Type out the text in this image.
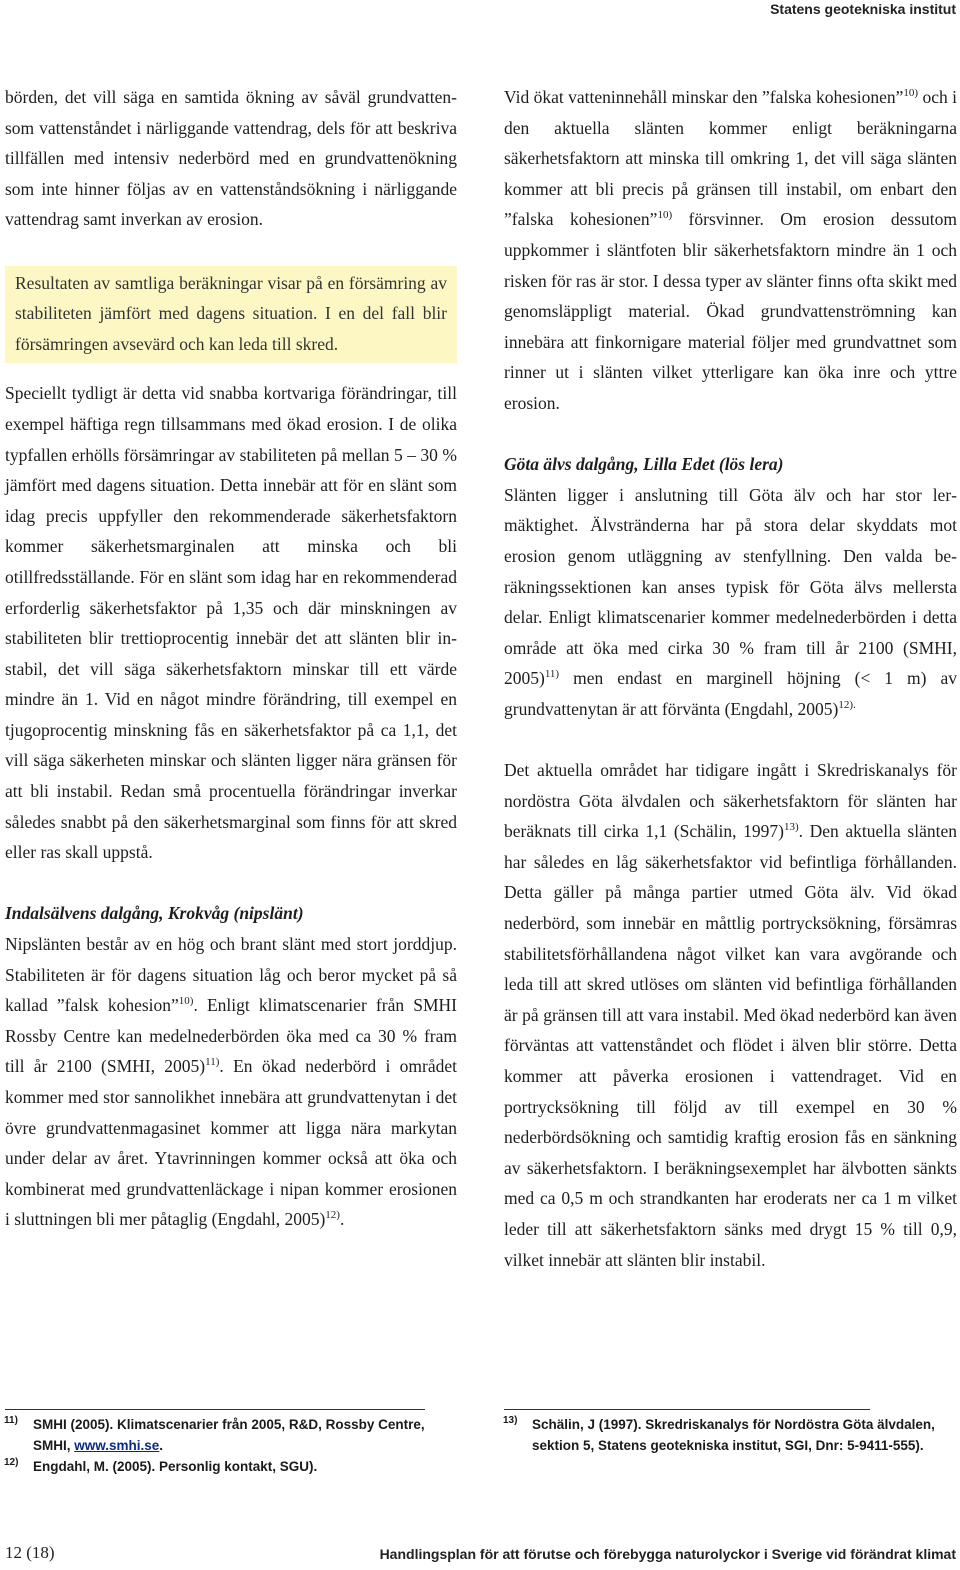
Statens geotekniska institut

börden, det vill säga en samtida ökning av såväl grundvatten- som vattenståndet i närliggande vattendrag, dels för att beskriva tillfällen med intensiv nederbörd med en grundvattenökning som inte hinner följas av en vattenståndsökning i närliggande vattendrag samt inverkan av erosion.

Resultaten av samtliga beräkningar visar på en försämring av stabiliteten jämfört med dagens situation. I en del fall blir försämringen avsevärd och kan leda till skred.

Speciellt tydligt är detta vid snabba kortvariga förändringar, till exempel häftiga regn tillsammans med ökad erosion. I de olika typfallen erhölls försämringar av stabiliteten på mellan 5 – 30 % jämfört med dagens situation. Detta innebär att för en slänt som idag precis uppfyller den rekommenderade säkerhetsfaktorn kommer säkerhetsmarginalen att minska och bli otillfredsställande. För en slänt som idag har en rekommenderad erforderlig säkerhetsfaktor på 1,35 och där minskningen av stabiliteten blir trettioprocentig innebär det att slänten blir instabil, det vill säga säkerhetsfaktorn minskar till ett värde mindre än 1. Vid en något mindre förändring, till exempel en tjugoprocentig minskning fås en säkerhetsfaktor på ca 1,1, det vill säga säkerheten minskar och slänten ligger nära gränsen för att bli instabil. Redan små procentuella förändringar inverkar således snabbt på den säkerhetsmarginal som finns för att skred eller ras skall uppstå.

Indalsälvens dalgång, Krokvåg (nipslänt)

Nipslänten består av en hög och brant slänt med stort jorddjup. Stabiliteten är för dagens situation låg och beror mycket på så kallad ”falsk kohesion”$^{10)}$. Enligt klimatscenarier från SMHI Rossby Centre kan medelnederbörden öka med ca 30 % fram till år 2100 (SMHI, 2005)$^{11)}$. En ökad nederbörd i området kommer med stor sannolikhet innebära att grundvattenytan i det övre grundvattenmagasinet kommer att ligga nära markytan under delar av året. Ytavrinningen kommer också att öka och kombinerat med grundvattenläckage i nipan kommer erosionen i sluttningen bli mer påtaglig (Engdahl, 2005)$^{12)}$.

Vid ökat vatteninnehåll minskar den ”falska kohesionen”$^{10)}$ och i den aktuella slänten kommer enligt beräkningarna säkerhetsfaktorn att minska till omkring 1, det vill säga slänten kommer att bli precis på gränsen till instabil, om enbart den ”falska kohesionen”$^{10)}$ försvinner. Om erosion dessutom uppkommer i släntfoten blir säkerhetsfaktorn mindre än 1 och risken för ras är stor. I dessa typer av slänter finns ofta skikt med genomsläppligt material. Ökad grundvattenströmning kan innebära att finkornigare material följer med grundvattnet som rinner ut i slänten vilket ytterligare kan öka inre och yttre erosion.

Göta älvs dalgång, Lilla Edet (lös lera)

Slänten ligger i anslutning till Göta älv och har stor lermäktighet. Älvstränderna har på stora delar skyddats mot erosion genom utläggning av stenfyllning. Den valda beräkningssektionen kan anses typisk för Göta älvs mellersta delar. Enligt klimatscenarier kommer medelnederbörden i detta område att öka med cirka 30 % fram till år 2100 (SMHI, 2005)$^{11)}$ men endast en marginell höjning (< 1 m) av grundvattenytan är att förvänta (Engdahl, 2005)$^{12).}$

Det aktuella området har tidigare ingått i Skredriskanalys för nordöstra Göta älvdalen och säkerhetsfaktorn för slänten har beräknats till cirka 1,1 (Schälin, 1997)$^{13)}$. Den aktuella slänten har således en låg säkerhetsfaktor vid befintliga förhållanden. Detta gäller på många partier utmed Göta älv. Vid ökad nederbörd, som innebär en måttlig portrycksökning, försämras stabilitetsförhållandena något vilket kan vara avgörande och leda till att skred utlöses om slänten vid befintliga förhållanden är på gränsen till att vara instabil. Med ökad nederbörd kan även förväntas att vattenståndet och flödet i älven blir större. Detta kommer att påverka erosionen i vattendraget. Vid en portrycksökning till följd av till exempel en 30 % nederbördsökning och samtidig kraftig erosion fås en sänkning av säkerhetsfaktorn. I beräkningsexemplet har älvbotten sänkts med ca 0,5 m och strandkanten har eroderats ner ca 1 m vilket leder till att säkerhetsfaktorn sänks med drygt 15 % till 0,9, vilket innebär att slänten blir instabil.

11)	SMHI (2005). Klimatscenarier från 2005, R&D, Rossby Centre, SMHI, www.smhi.se.
12)	Engdahl, M. (2005). Personlig kontakt, SGU).
13)	Schälin, J (1997). Skredriskanalys för Nordöstra Göta älvdalen, sektion 5, Statens geotekniska institut, SGI, Dnr: 5-9411-555).
12 (18)	Handlingsplan för att förutse och förebygga naturolyckor i Sverige vid förändrat klimat
